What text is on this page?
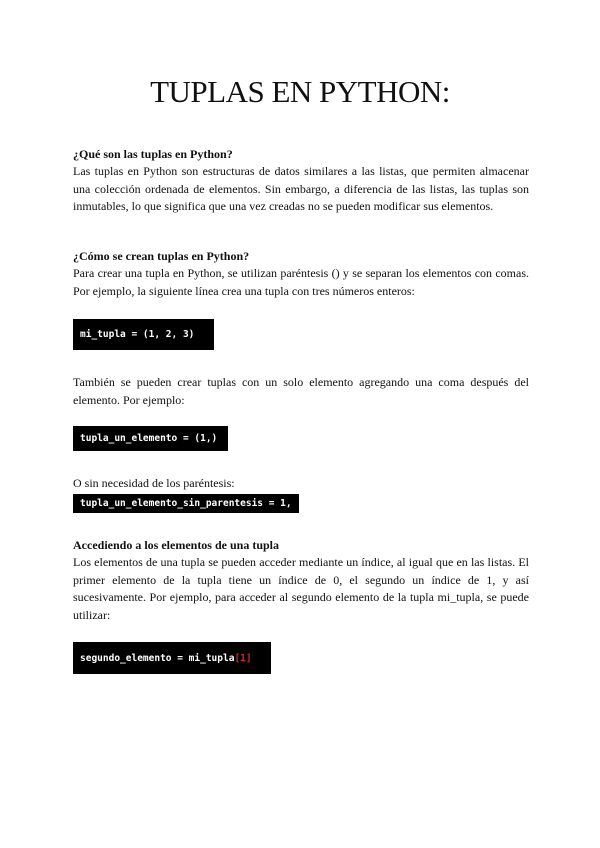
TUPLAS EN PYTHON:

¿Qué son las tuplas en Python?

Las tuplas en Python son estructuras de datos similares a las listas, que permiten almacenar una colección ordenada de elementos. Sin embargo, a diferencia de las listas, las tuplas son inmutables, lo que significa que una vez creadas no se pueden modificar sus elementos.

¿Cómo se crean tuplas en Python?

Para crear una tupla en Python, se utilizan paréntesis () y se separan los elementos con comas. Por ejemplo, la siguiente línea crea una tupla con tres números enteros:

mi_tupla = (1, 2, 3)

También se pueden crear tuplas con un solo elemento agregando una coma después del elemento. Por ejemplo:

tupla_un_elemento = (1,)

O sin necesidad de los paréntesis:

tupla_un_elemento_sin_parentesis = 1,

Accediendo a los elementos de una tupla

Los elementos de una tupla se pueden acceder mediante un índice, al igual que en las listas. El primer elemento de la tupla tiene un índice de 0, el segundo un índice de 1, y así sucesivamente. Por ejemplo, para acceder al segundo elemento de la tupla mi_tupla, se puede utilizar:

segundo_elemento = mi_tupla [1]
